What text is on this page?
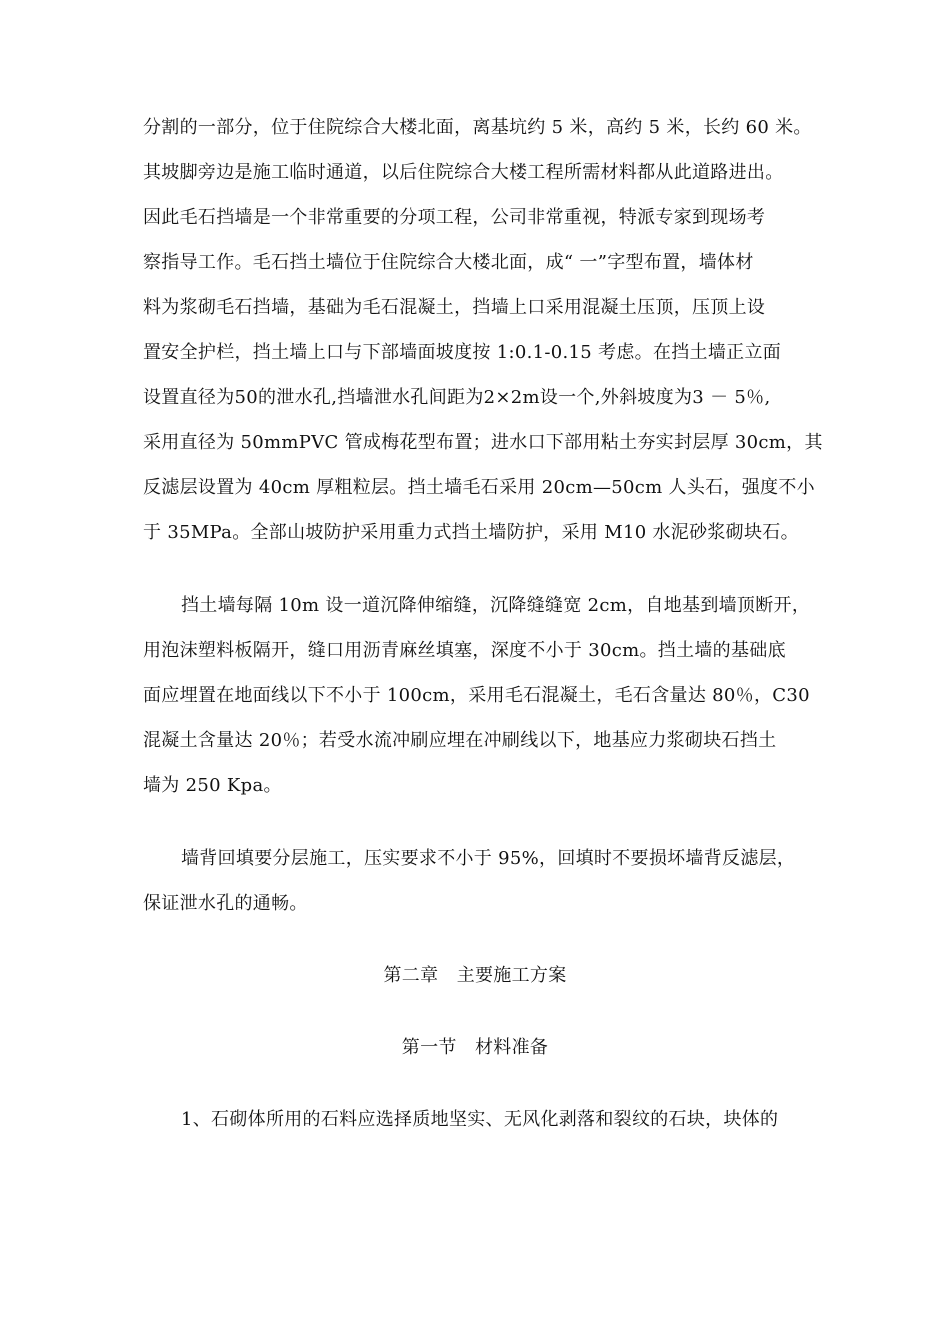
分割的一部分，位于住院综合大楼北面，离基坑约 5 米，高约 5 米，长约 60 米。
其坡脚旁边是施工临时通道，以后住院综合大楼工程所需材料都从此道路进出。
因此毛石挡墙是一个非常重要的分项工程，公司非常重视，特派专家到现场考
察指导工作。毛石挡土墙位于住院综合大楼北面，成“ 一”字型布置，墙体材
料为浆砌毛石挡墙，基础为毛石混凝土，挡墙上口采用混凝土压顶，压顶上设
置安全护栏，挡土墙上口与下部墙面坡度按 1:0.1-0.15 考虑。在挡土墙正立面
设置直径为50的泄水孔,挡墙泄水孔间距为2×2m设一个,外斜坡度为3 － 5％,
采用直径为 50mmPVC 管成梅花型布置；进水口下部用粘土夯实封层厚 30cm，其
反滤层设置为 40cm 厚粗粒层。挡土墙毛石采用 20cm—50cm 人头石，强度不小
于 35MPa。全部山坡防护采用重力式挡土墙防护，采用 M10 水泥砂浆砌块石。
挡土墙每隔 10m 设一道沉降伸缩缝，沉降缝缝宽 2cm，自地基到墙顶断开，
用泡沫塑料板隔开，缝口用沥青麻丝填塞，深度不小于 30cm。挡土墙的基础底
面应埋置在地面线以下不小于 100cm，采用毛石混凝土，毛石含量达 80％，C30
混凝土含量达 20％；若受水流冲刷应埋在冲刷线以下，地基应力浆砌块石挡土
墙为 250 Kpa。
墙背回填要分层施工，压实要求不小于 95%，回填时不要损坏墙背反滤层，
保证泄水孔的通畅。
第二章　主要施工方案
第一节　材料准备
1、石砌体所用的石料应选择质地坚实、无风化剥落和裂纹的石块，块体的
